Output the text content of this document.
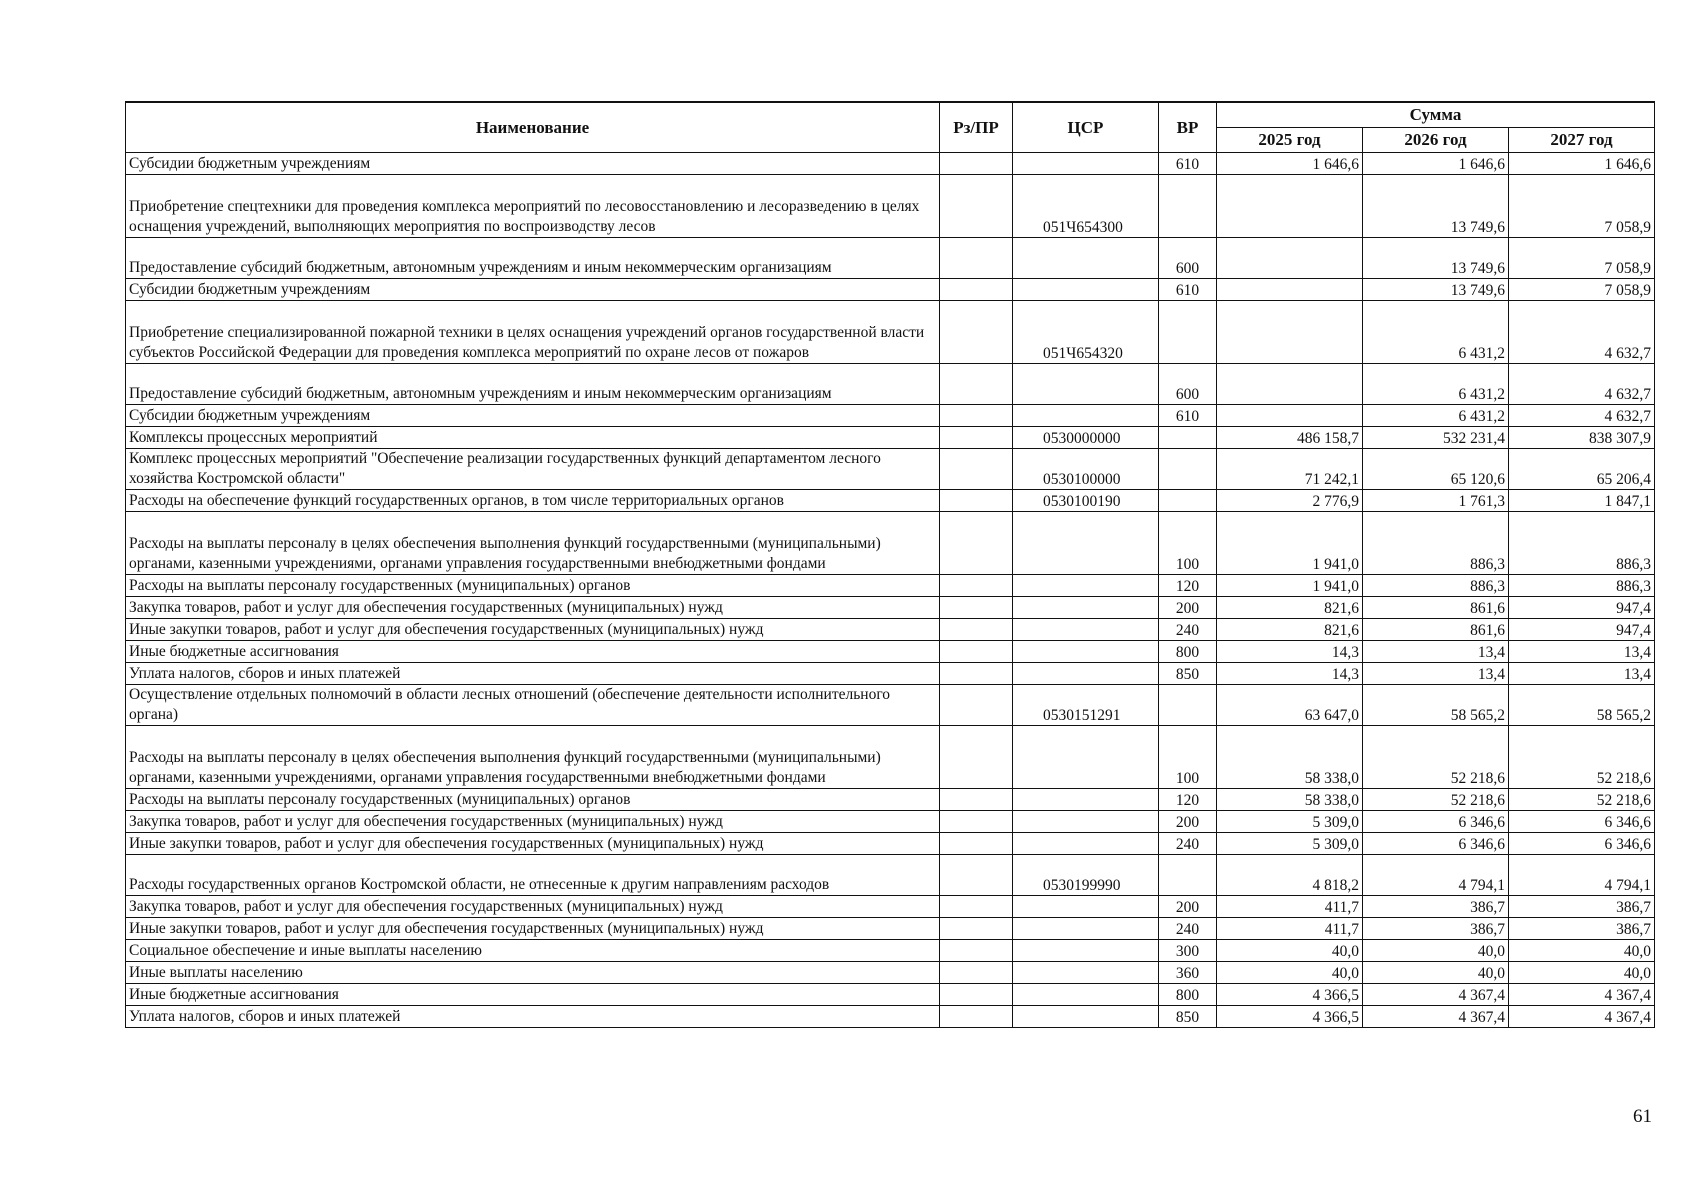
Наименование	Рз/ПР	ЦСР	ВР	Сумма		
				2025 год	2026 год	2027 год
Субсидии бюджетным учреждениям			610	1 646,6	1 646,6	1 646,6
Приобретение спецтехники для проведения комплекса мероприятий по лесовосстановлению и лесоразведению в целях оснащения учреждений, выполняющих мероприятия по воспроизводству лесов		051Ч654300			13 749,6	7 058,9
Предоставление субсидий бюджетным, автономным учреждениям и иным некоммерческим организациям			600		13 749,6	7 058,9
Субсидии бюджетным учреждениям			610		13 749,6	7 058,9
Приобретение специализированной пожарной техники в целях оснащения учреждений органов государственной власти субъектов Российской Федерации для проведения комплекса мероприятий по охране лесов от пожаров		051Ч654320			6 431,2	4 632,7
Предоставление субсидий бюджетным, автономным учреждениям и иным некоммерческим организациям			600		6 431,2	4 632,7
Субсидии бюджетным учреждениям			610		6 431,2	4 632,7
Комплексы процессных мероприятий		0530000000		486 158,7	532 231,4	838 307,9
Комплекс процессных мероприятий "Обеспечение реализации государственных функций департаментом лесного хозяйства Костромской области"		0530100000		71 242,1	65 120,6	65 206,4
Расходы на обеспечение функций государственных органов, в том числе территориальных органов		0530100190		2 776,9	1 761,3	1 847,1
Расходы на выплаты персоналу в целях обеспечения выполнения функций государственными (муниципальными) органами, казенными учреждениями, органами управления государственными внебюджетными фондами			100	1 941,0	886,3	886,3
Расходы на выплаты персоналу государственных (муниципальных) органов			120	1 941,0	886,3	886,3
Закупка товаров, работ и услуг для обеспечения государственных (муниципальных) нужд			200	821,6	861,6	947,4
Иные закупки товаров, работ и услуг для обеспечения государственных (муниципальных) нужд			240	821,6	861,6	947,4
Иные бюджетные ассигнования			800	14,3	13,4	13,4
Уплата налогов, сборов и иных платежей			850	14,3	13,4	13,4
Осуществление отдельных полномочий в области лесных отношений (обеспечение деятельности исполнительного органа)		0530151291		63 647,0	58 565,2	58 565,2
Расходы на выплаты персоналу в целях обеспечения выполнения функций государственными (муниципальными) органами, казенными учреждениями, органами управления государственными внебюджетными фондами			100	58 338,0	52 218,6	52 218,6
Расходы на выплаты персоналу государственных (муниципальных) органов			120	58 338,0	52 218,6	52 218,6
Закупка товаров, работ и услуг для обеспечения государственных (муниципальных) нужд			200	5 309,0	6 346,6	6 346,6
Иные закупки товаров, работ и услуг для обеспечения государственных (муниципальных) нужд			240	5 309,0	6 346,6	6 346,6
Расходы государственных органов Костромской области, не отнесенные к другим направлениям расходов		0530199990		4 818,2	4 794,1	4 794,1
Закупка товаров, работ и услуг для обеспечения государственных (муниципальных) нужд			200	411,7	386,7	386,7
Иные закупки товаров, работ и услуг для обеспечения государственных (муниципальных) нужд			240	411,7	386,7	386,7
Социальное обеспечение и иные выплаты населению			300	40,0	40,0	40,0
Иные выплаты населению			360	40,0	40,0	40,0
Иные бюджетные ассигнования			800	4 366,5	4 367,4	4 367,4
Уплата налогов, сборов и иных платежей			850	4 366,5	4 367,4	4 367,4
61
